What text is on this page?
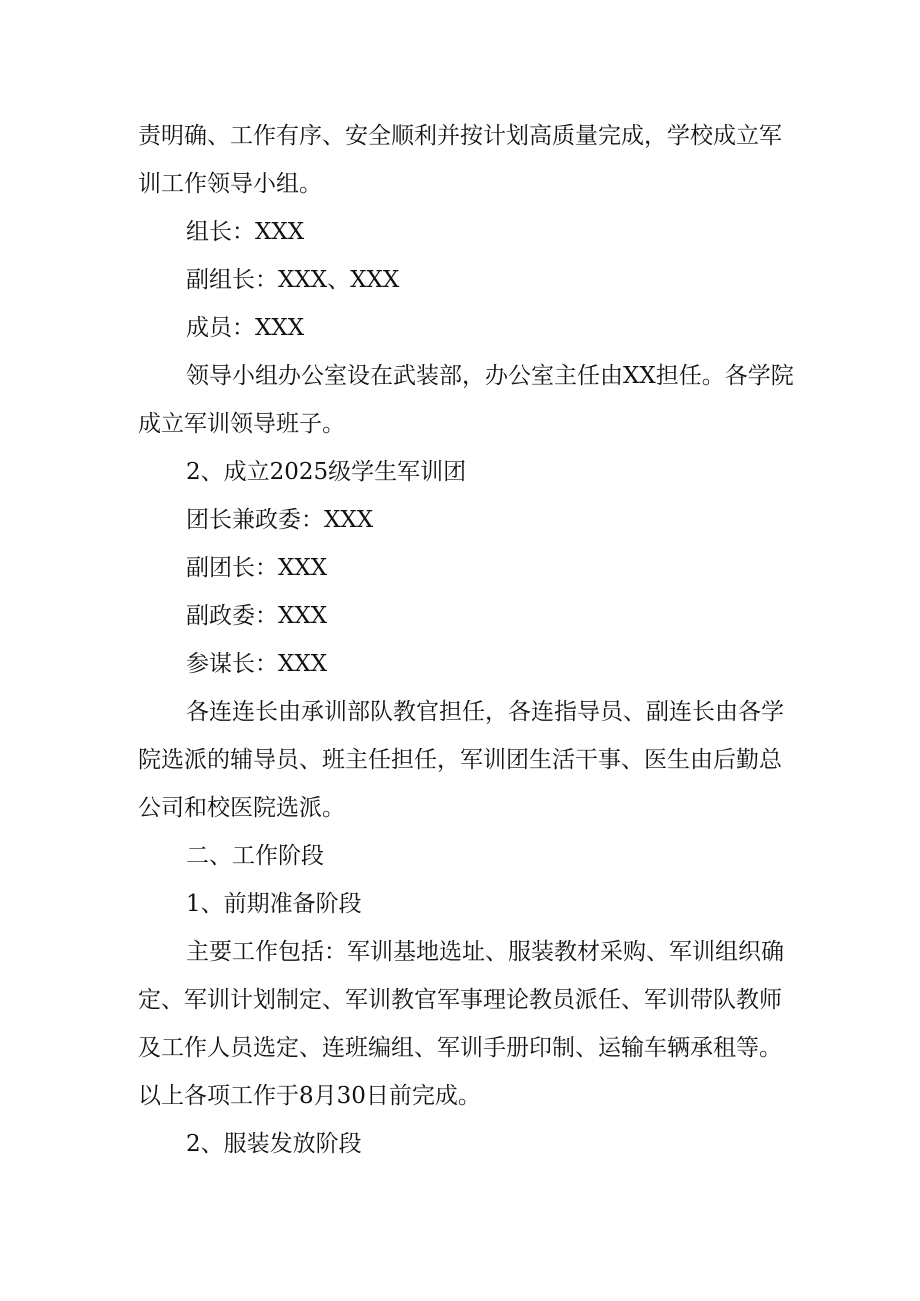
责明确、工作有序、安全顺利并按计划高质量完成，学校成立军

训工作领导小组。

组长：XXX

副组长：XXX、XXX

成员：XXX

领导小组办公室设在武装部，办公室主任由XX担任。各学院

成立军训领导班子。

2、成立2025级学生军训团

团长兼政委：XXX

副团长：XXX

副政委：XXX

参谋长：XXX

各连连长由承训部队教官担任，各连指导员、副连长由各学

院选派的辅导员、班主任担任，军训团生活干事、医生由后勤总

公司和校医院选派。

二、工作阶段

1、前期准备阶段

主要工作包括：军训基地选址、服装教材采购、军训组织确

定、军训计划制定、军训教官军事理论教员派任、军训带队教师

及工作人员选定、连班编组、军训手册印制、运输车辆承租等。

以上各项工作于8月30日前完成。

2、服装发放阶段
